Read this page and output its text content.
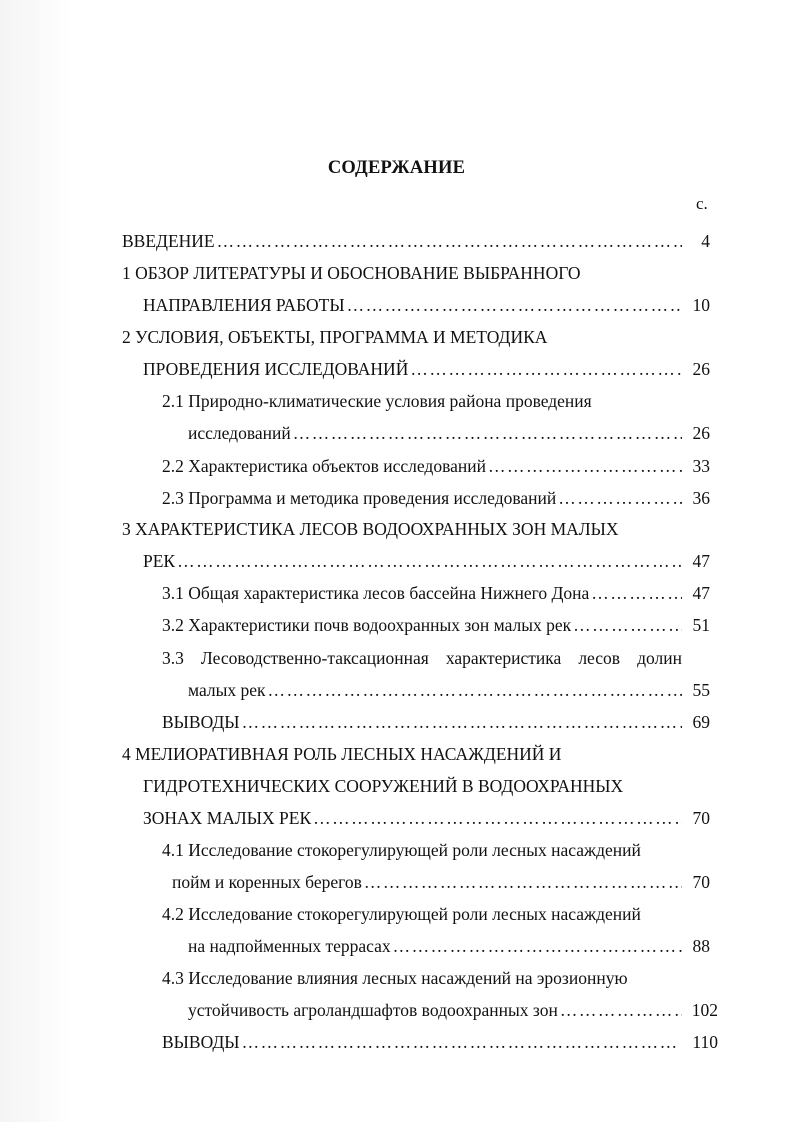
СОДЕРЖАНИЕ
с.
ВВЕДЕНИЕ …………………………………………………………………………………………………………………………………………………………	4
1 ОБЗОР ЛИТЕРАТУРЫ И ОБОСНОВАНИЕ ВЫБРАННОГО
НАПРАВЛЕНИЯ РАБОТЫ …………………………………………………………………………………………………………………………………………………………	10
2 УСЛОВИЯ, ОБЪЕКТЫ, ПРОГРАММА И МЕТОДИКА
ПРОВЕДЕНИЯ ИССЛЕДОВАНИЙ …………………………………………………………………………………………………………………………………………………………	26
2.1 Природно-климатические условия района проведения
исследований …………………………………………………………………………………………………………………………………………………………	26
2.2 Характеристика объектов исследований …………………………………………………………………………………………………………………………………………………………	33
2.3 Программа и методика проведения исследований …………………………………………………………………………………………………………………………………………………………	36
3 ХАРАКТЕРИСТИКА ЛЕСОВ ВОДООХРАННЫХ ЗОН МАЛЫХ
РЕК …………………………………………………………………………………………………………………………………………………………	47
3.1 Общая характеристика лесов бассейна Нижнего Дона …………………………………………………………………………………………………………………………………………………………	47
3.2 Характеристики почв водоохранных зон малых рек …………………………………………………………………………………………………………………………………………………………	51
3.3 Лесоводственно-таксационная характеристика лесов долин
малых рек …………………………………………………………………………………………………………………………………………………………	55
ВЫВОДЫ …………………………………………………………………………………………………………………………………………………………	69
4 МЕЛИОРАТИВНАЯ РОЛЬ ЛЕСНЫХ НАСАЖДЕНИЙ И
ГИДРОТЕХНИЧЕСКИХ СООРУЖЕНИЙ В ВОДООХРАННЫХ
ЗОНАХ МАЛЫХ РЕК …………………………………………………………………………………………………………………………………………………………	70
4.1 Исследование стокорегулирующей роли лесных насаждений
пойм и коренных берегов …………………………………………………………………………………………………………………………………………………………	70
4.2 Исследование стокорегулирующей роли лесных насаждений
на надпойменных террасах …………………………………………………………………………………………………………………………………………………………	88
4.3 Исследование влияния лесных насаждений на эрозионную
устойчивость агроландшафтов водоохранных зон …………………………………………………………………………………………………………………………………………………………	102
ВЫВОДЫ …………………………………………………………………………………………………………………………………………………………	110
